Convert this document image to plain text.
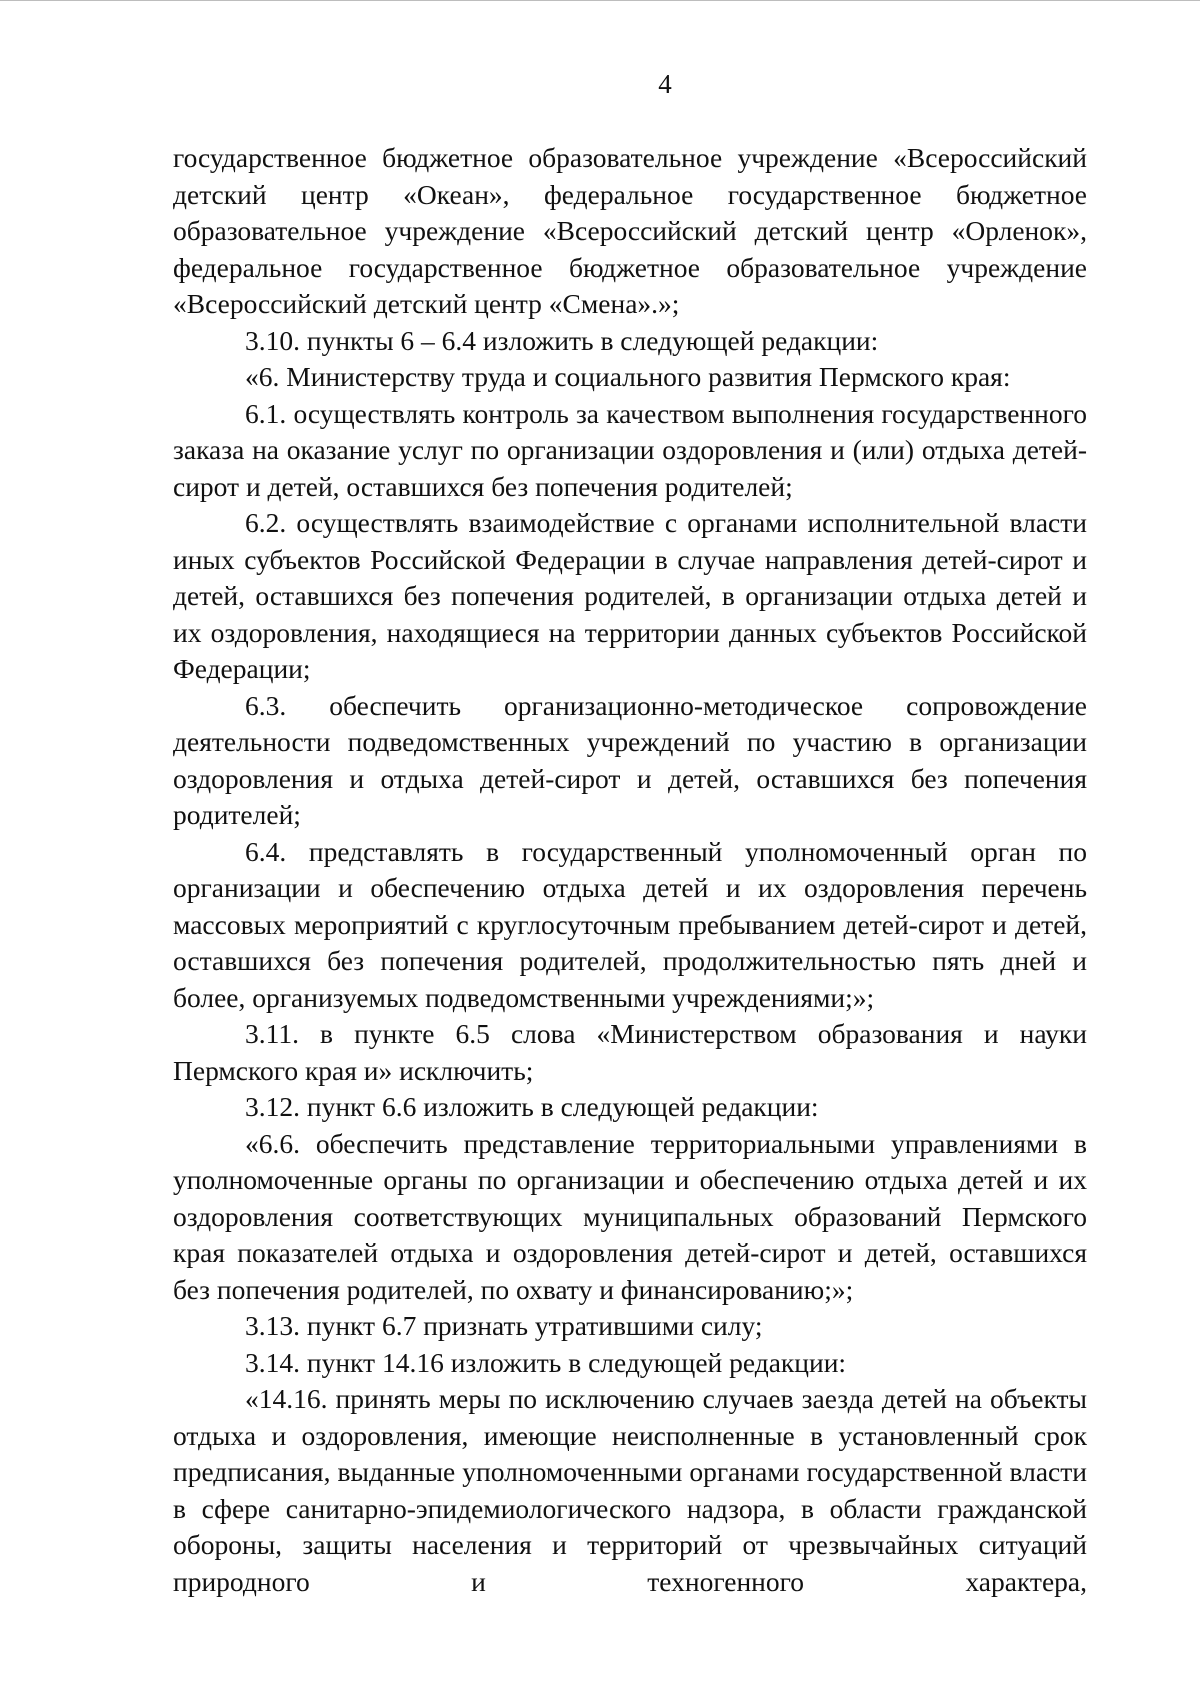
4

государственное бюджетное образовательное учреждение «Всероссийский детский центр «Океан», федеральное государственное бюджетное образовательное учреждение «Всероссийский детский центр «Орленок», федеральное государственное бюджетное образовательное учреждение «Всероссийский детский центр «Смена».»;

3.10. пункты 6 – 6.4 изложить в следующей редакции:

«6. Министерству труда и социального развития Пермского края:

6.1. осуществлять контроль за качеством выполнения государственного заказа на оказание услуг по организации оздоровления и (или) отдыха детей-сирот и детей, оставшихся без попечения родителей;

6.2. осуществлять взаимодействие с органами исполнительной власти иных субъектов Российской Федерации в случае направления детей-сирот и детей, оставшихся без попечения родителей, в организации отдыха детей и их оздоровления, находящиеся на территории данных субъектов Российской Федерации;

6.3. обеспечить организационно-методическое сопровождение деятельности подведомственных учреждений по участию в организации оздоровления и отдыха детей-сирот и детей, оставшихся без попечения родителей;

6.4. представлять в государственный уполномоченный орган по организации и обеспечению отдыха детей и их оздоровления перечень массовых мероприятий с круглосуточным пребыванием детей-сирот и детей, оставшихся без попечения родителей, продолжительностью пять дней и более, организуемых подведомственными учреждениями;»;

3.11. в пункте 6.5 слова «Министерством образования и науки Пермского края и» исключить;

3.12. пункт 6.6 изложить в следующей редакции:

«6.6. обеспечить представление территориальными управлениями в уполномоченные органы по организации и обеспечению отдыха детей и их оздоровления соответствующих муниципальных образований Пермского края показателей отдыха и оздоровления детей-сирот и детей, оставшихся без попечения родителей, по охвату и финансированию;»;

3.13. пункт 6.7 признать утратившими силу;

3.14. пункт 14.16 изложить в следующей редакции:

«14.16. принять меры по исключению случаев заезда детей на объекты отдыха и оздоровления, имеющие неисполненные в установленный срок предписания, выданные уполномоченными органами государственной власти в сфере санитарно-эпидемиологического надзора, в области гражданской обороны, защиты населения и территорий от чрезвычайных ситуаций природного и техногенного характера,
